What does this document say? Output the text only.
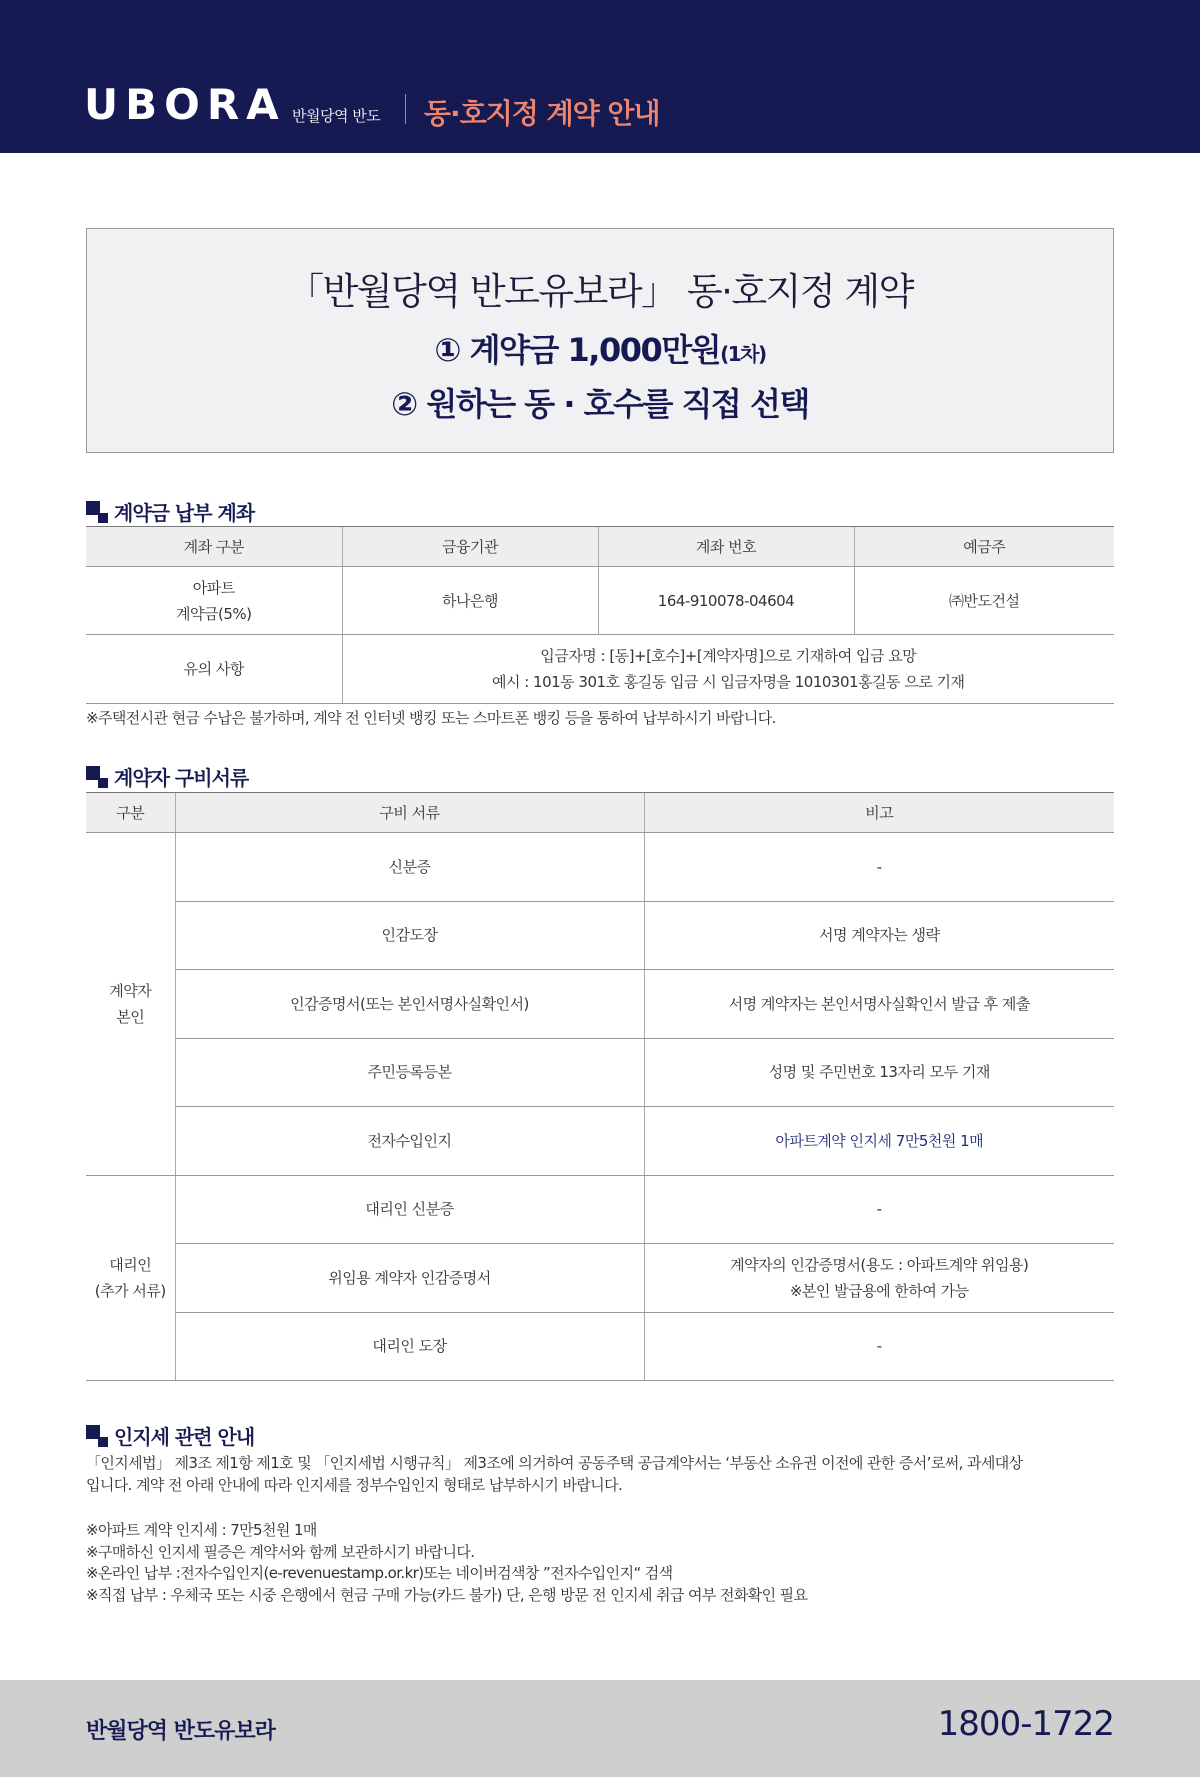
UBORA 반월당역 반도 동·호지정 계약 안내
「반월당역 반도유보라」 동·호지정 계약
① 계약금 1,000만원(1차)
② 원하는 동 · 호수를 직접 선택
계약금 납부 계좌
계좌 구분	금융기관	계좌 번호	예금주

아파트
계약금(5%)	하나은행	164-910078-04604	㈜반도건설
유의 사항	입금자명 : [동]+[호수]+[계약자명]으로 기재하여 입금 요망
예시 : 101동 301호 홍길동 입금 시 입금자명을 1010301홍길동 으로 기재		
※주택전시관 현금 수납은 불가하며, 계약 전 인터넷 뱅킹 또는 스마트폰 뱅킹 등을 통하여 납부하시기 바랍니다.
계약자 구비서류
구분	구비 서류	비고

계약자
본인	신분증	-
	인감도장	서명 계약자는 생략
	인감증명서(또는 본인서명사실확인서)	서명 계약자는 본인서명사실확인서 발급 후 제출
	주민등록등본	성명 및 주민번호 13자리 모두 기재
	전자수입인지	아파트계약 인지세 7만5천원 1매

대리인
(추가 서류)	대리인 신분증	-
	위임용 계약자 인감증명서	계약자의 인감증명서(용도 : 아파트계약 위임용)
※본인 발급용에 한하여 가능

	대리인 도장	-
인지세 관련 안내
「인지세법」 제3조 제1항 제1호 및 「인지세법 시행규칙」 제3조에 의거하여 공동주택 공급계약서는 ‘부동산 소유권 이전에 관한 증서’로써, 과세대상
입니다. 계약 전 아래 안내에 따라 인지세를 정부수입인지 형태로 납부하시기 바랍니다.
※아파트 계약 인지세 : 7만5천원 1매
※구매하신 인지세 필증은 계약서와 함께 보관하시기 바랍니다.
※온라인 납부 :전자수입인지(e-revenuestamp.or.kr)또는 네이버검색창 ”전자수입인지“ 검색
※직접 납부 : 우체국 또는 시중 은행에서 현금 구매 가능(카드 불가) 단, 은행 방문 전 인지세 취급 여부 전화확인 필요
반월당역 반도유보라	1800-1722
